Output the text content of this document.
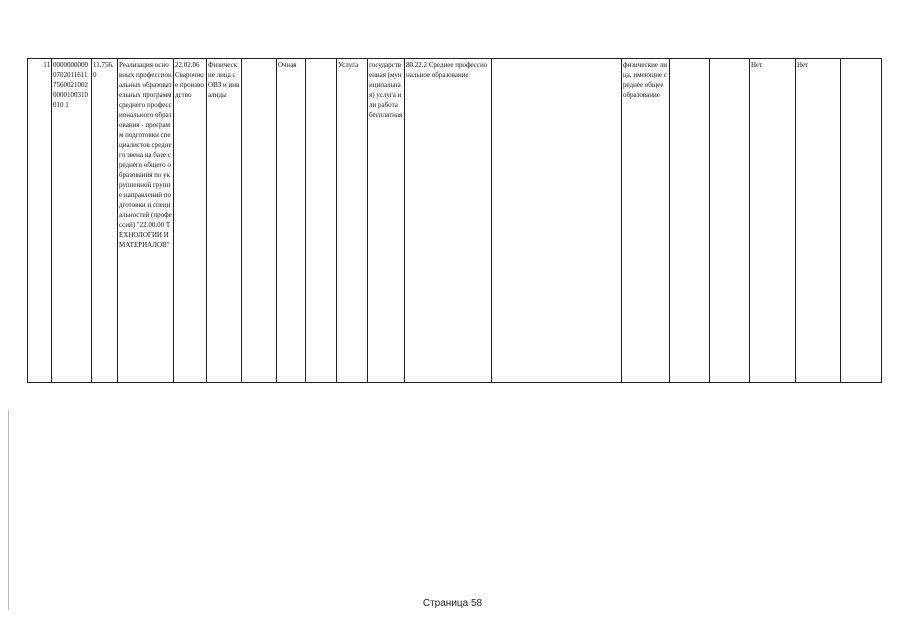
11	0000000000070201161175600210020000100310010 1	11.756.0	Реализация основных профессиональных образовательных программ среднего профессионального образования - программ подготовки специалистов среднего звена на базе среднего общего образования по укрупненной группе направлений подготовки и специальностей (профессий) "22.00.00 ТЕХНОЛОГИИ И МАТЕРИАЛОВ"	22.02.06 Сварочное производство	Физические лица с ОВЗ и инвалиды		Очная		Услуга	государственная (муниципальная) услуга или работа бесплатная	80.22.2 Среднее профессиональное образование		физические лица, имеющие среднее общее образование			Нет	Нет	
Страница 58
